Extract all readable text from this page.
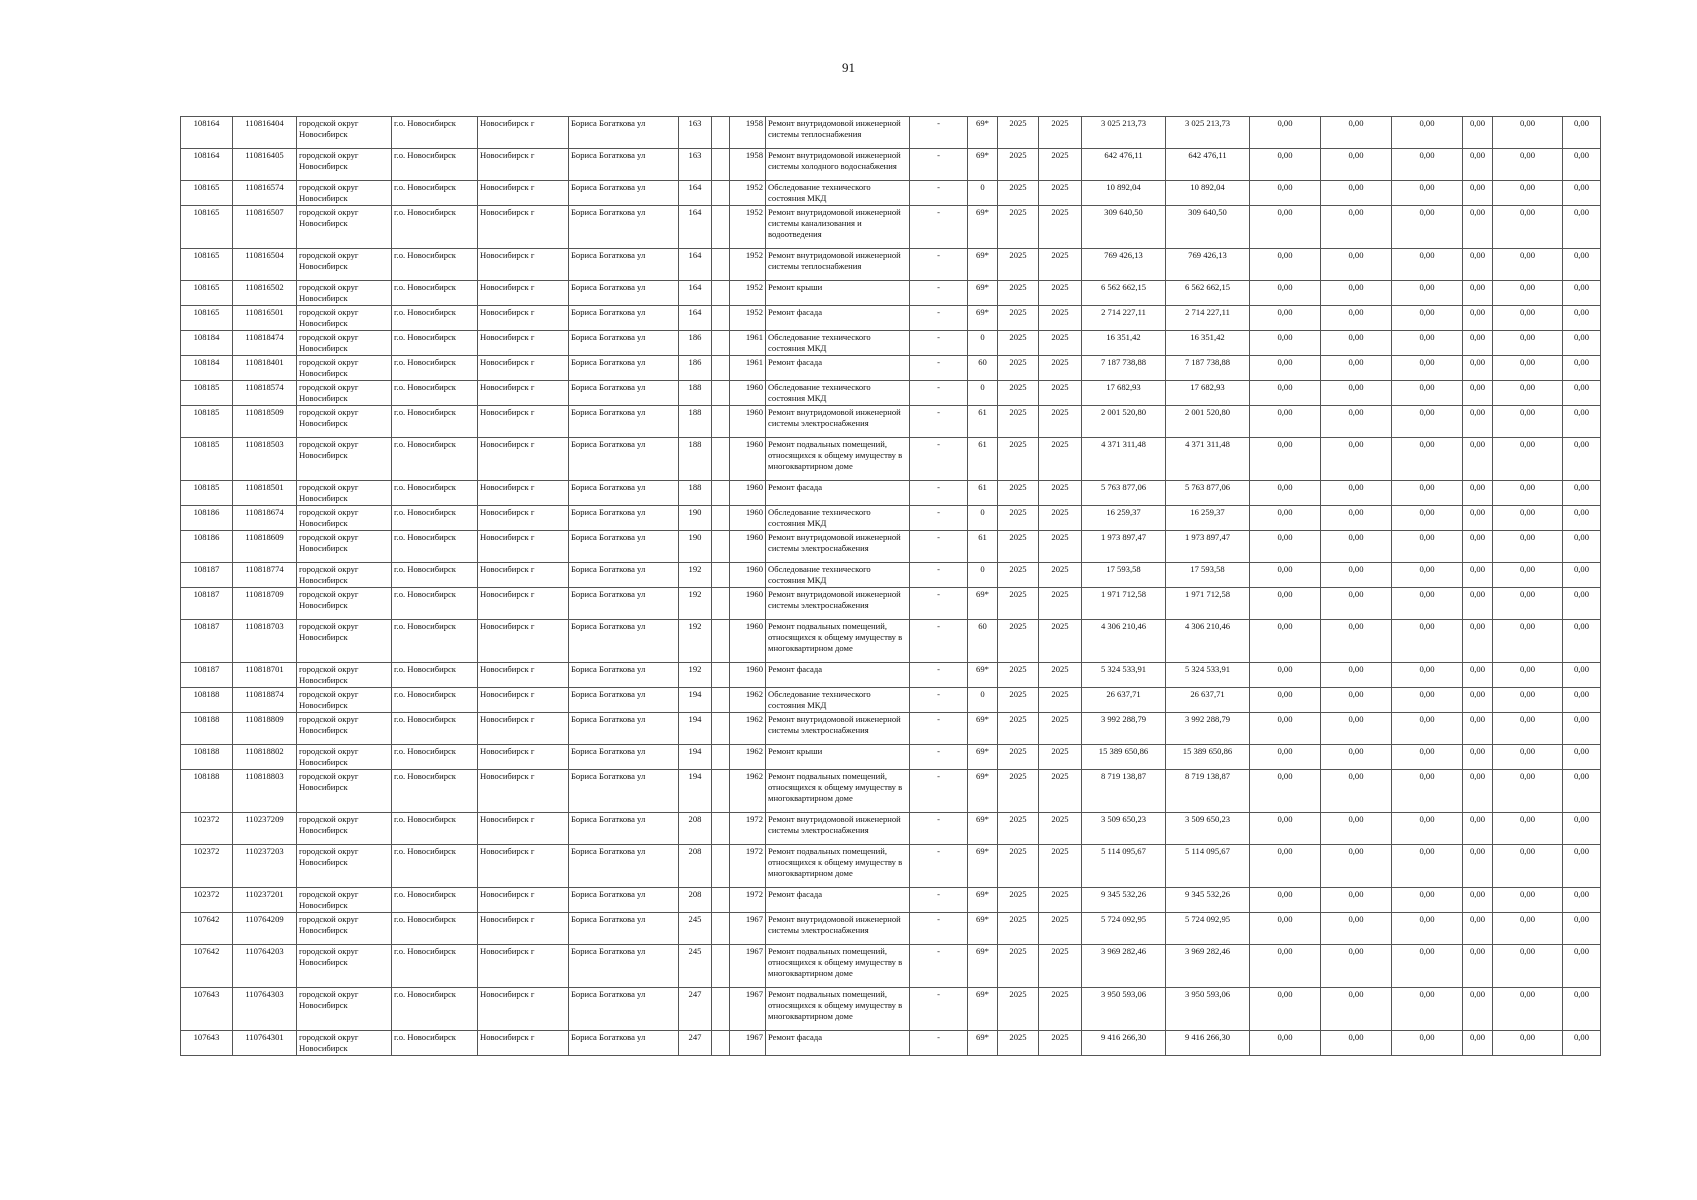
91
108164	110816404	городской округ Новосибирск	г.о. Новосибирск	Новосибирск г	Бориса Богаткова ул	163		1958	Ремонт внутридомовой инженерной системы теплоснабжения	-	69*	2025	2025	3 025 213,73	3 025 213,73	0,00	0,00	0,00	0,00	0,00	0,00
108164	110816405	городской округ Новосибирск	г.о. Новосибирск	Новосибирск г	Бориса Богаткова ул	163		1958	Ремонт внутридомовой инженерной системы холодного водоснабжения	-	69*	2025	2025	642 476,11	642 476,11	0,00	0,00	0,00	0,00	0,00	0,00
108165	110816574	городской округ Новосибирск	г.о. Новосибирск	Новосибирск г	Бориса Богаткова ул	164		1952	Обследование технического состояния МКД	-	0	2025	2025	10 892,04	10 892,04	0,00	0,00	0,00	0,00	0,00	0,00
108165	110816507	городской округ Новосибирск	г.о. Новосибирск	Новосибирск г	Бориса Богаткова ул	164		1952	Ремонт внутридомовой инженерной системы канализования и водоотведения	-	69*	2025	2025	309 640,50	309 640,50	0,00	0,00	0,00	0,00	0,00	0,00
108165	110816504	городской округ Новосибирск	г.о. Новосибирск	Новосибирск г	Бориса Богаткова ул	164		1952	Ремонт внутридомовой инженерной системы теплоснабжения	-	69*	2025	2025	769 426,13	769 426,13	0,00	0,00	0,00	0,00	0,00	0,00
108165	110816502	городской округ Новосибирск	г.о. Новосибирск	Новосибирск г	Бориса Богаткова ул	164		1952	Ремонт крыши	-	69*	2025	2025	6 562 662,15	6 562 662,15	0,00	0,00	0,00	0,00	0,00	0,00
108165	110816501	городской округ Новосибирск	г.о. Новосибирск	Новосибирск г	Бориса Богаткова ул	164		1952	Ремонт фасада	-	69*	2025	2025	2 714 227,11	2 714 227,11	0,00	0,00	0,00	0,00	0,00	0,00
108184	110818474	городской округ Новосибирск	г.о. Новосибирск	Новосибирск г	Бориса Богаткова ул	186		1961	Обследование технического состояния МКД	-	0	2025	2025	16 351,42	16 351,42	0,00	0,00	0,00	0,00	0,00	0,00
108184	110818401	городской округ Новосибирск	г.о. Новосибирск	Новосибирск г	Бориса Богаткова ул	186		1961	Ремонт фасада	-	60	2025	2025	7 187 738,88	7 187 738,88	0,00	0,00	0,00	0,00	0,00	0,00
108185	110818574	городской округ Новосибирск	г.о. Новосибирск	Новосибирск г	Бориса Богаткова ул	188		1960	Обследование технического состояния МКД	-	0	2025	2025	17 682,93	17 682,93	0,00	0,00	0,00	0,00	0,00	0,00
108185	110818509	городской округ Новосибирск	г.о. Новосибирск	Новосибирск г	Бориса Богаткова ул	188		1960	Ремонт внутридомовой инженерной системы электроснабжения	-	61	2025	2025	2 001 520,80	2 001 520,80	0,00	0,00	0,00	0,00	0,00	0,00
108185	110818503	городской округ Новосибирск	г.о. Новосибирск	Новосибирск г	Бориса Богаткова ул	188		1960	Ремонт подвальных помещений, относящихся к общему имуществу в многоквартирном доме	-	61	2025	2025	4 371 311,48	4 371 311,48	0,00	0,00	0,00	0,00	0,00	0,00
108185	110818501	городской округ Новосибирск	г.о. Новосибирск	Новосибирск г	Бориса Богаткова ул	188		1960	Ремонт фасада	-	61	2025	2025	5 763 877,06	5 763 877,06	0,00	0,00	0,00	0,00	0,00	0,00
108186	110818674	городской округ Новосибирск	г.о. Новосибирск	Новосибирск г	Бориса Богаткова ул	190		1960	Обследование технического состояния МКД	-	0	2025	2025	16 259,37	16 259,37	0,00	0,00	0,00	0,00	0,00	0,00
108186	110818609	городской округ Новосибирск	г.о. Новосибирск	Новосибирск г	Бориса Богаткова ул	190		1960	Ремонт внутридомовой инженерной системы электроснабжения	-	61	2025	2025	1 973 897,47	1 973 897,47	0,00	0,00	0,00	0,00	0,00	0,00
108187	110818774	городской округ Новосибирск	г.о. Новосибирск	Новосибирск г	Бориса Богаткова ул	192		1960	Обследование технического состояния МКД	-	0	2025	2025	17 593,58	17 593,58	0,00	0,00	0,00	0,00	0,00	0,00
108187	110818709	городской округ Новосибирск	г.о. Новосибирск	Новосибирск г	Бориса Богаткова ул	192		1960	Ремонт внутридомовой инженерной системы электроснабжения	-	69*	2025	2025	1 971 712,58	1 971 712,58	0,00	0,00	0,00	0,00	0,00	0,00
108187	110818703	городской округ Новосибирск	г.о. Новосибирск	Новосибирск г	Бориса Богаткова ул	192		1960	Ремонт подвальных помещений, относящихся к общему имуществу в многоквартирном доме	-	60	2025	2025	4 306 210,46	4 306 210,46	0,00	0,00	0,00	0,00	0,00	0,00
108187	110818701	городской округ Новосибирск	г.о. Новосибирск	Новосибирск г	Бориса Богаткова ул	192		1960	Ремонт фасада	-	69*	2025	2025	5 324 533,91	5 324 533,91	0,00	0,00	0,00	0,00	0,00	0,00
108188	110818874	городской округ Новосибирск	г.о. Новосибирск	Новосибирск г	Бориса Богаткова ул	194		1962	Обследование технического состояния МКД	-	0	2025	2025	26 637,71	26 637,71	0,00	0,00	0,00	0,00	0,00	0,00
108188	110818809	городской округ Новосибирск	г.о. Новосибирск	Новосибирск г	Бориса Богаткова ул	194		1962	Ремонт внутридомовой инженерной системы электроснабжения	-	69*	2025	2025	3 992 288,79	3 992 288,79	0,00	0,00	0,00	0,00	0,00	0,00
108188	110818802	городской округ Новосибирск	г.о. Новосибирск	Новосибирск г	Бориса Богаткова ул	194		1962	Ремонт крыши	-	69*	2025	2025	15 389 650,86	15 389 650,86	0,00	0,00	0,00	0,00	0,00	0,00
108188	110818803	городской округ Новосибирск	г.о. Новосибирск	Новосибирск г	Бориса Богаткова ул	194		1962	Ремонт подвальных помещений, относящихся к общему имуществу в многоквартирном доме	-	69*	2025	2025	8 719 138,87	8 719 138,87	0,00	0,00	0,00	0,00	0,00	0,00
102372	110237209	городской округ Новосибирск	г.о. Новосибирск	Новосибирск г	Бориса Богаткова ул	208		1972	Ремонт внутридомовой инженерной системы электроснабжения	-	69*	2025	2025	3 509 650,23	3 509 650,23	0,00	0,00	0,00	0,00	0,00	0,00
102372	110237203	городской округ Новосибирск	г.о. Новосибирск	Новосибирск г	Бориса Богаткова ул	208		1972	Ремонт подвальных помещений, относящихся к общему имуществу в многоквартирном доме	-	69*	2025	2025	5 114 095,67	5 114 095,67	0,00	0,00	0,00	0,00	0,00	0,00
102372	110237201	городской округ Новосибирск	г.о. Новосибирск	Новосибирск г	Бориса Богаткова ул	208		1972	Ремонт фасада	-	69*	2025	2025	9 345 532,26	9 345 532,26	0,00	0,00	0,00	0,00	0,00	0,00
107642	110764209	городской округ Новосибирск	г.о. Новосибирск	Новосибирск г	Бориса Богаткова ул	245		1967	Ремонт внутридомовой инженерной системы электроснабжения	-	69*	2025	2025	5 724 092,95	5 724 092,95	0,00	0,00	0,00	0,00	0,00	0,00
107642	110764203	городской округ Новосибирск	г.о. Новосибирск	Новосибирск г	Бориса Богаткова ул	245		1967	Ремонт подвальных помещений, относящихся к общему имуществу в многоквартирном доме	-	69*	2025	2025	3 969 282,46	3 969 282,46	0,00	0,00	0,00	0,00	0,00	0,00
107643	110764303	городской округ Новосибирск	г.о. Новосибирск	Новосибирск г	Бориса Богаткова ул	247		1967	Ремонт подвальных помещений, относящихся к общему имуществу в многоквартирном доме	-	69*	2025	2025	3 950 593,06	3 950 593,06	0,00	0,00	0,00	0,00	0,00	0,00
107643	110764301	городской округ Новосибирск	г.о. Новосибирск	Новосибирск г	Бориса Богаткова ул	247		1967	Ремонт фасада	-	69*	2025	2025	9 416 266,30	9 416 266,30	0,00	0,00	0,00	0,00	0,00	0,00
